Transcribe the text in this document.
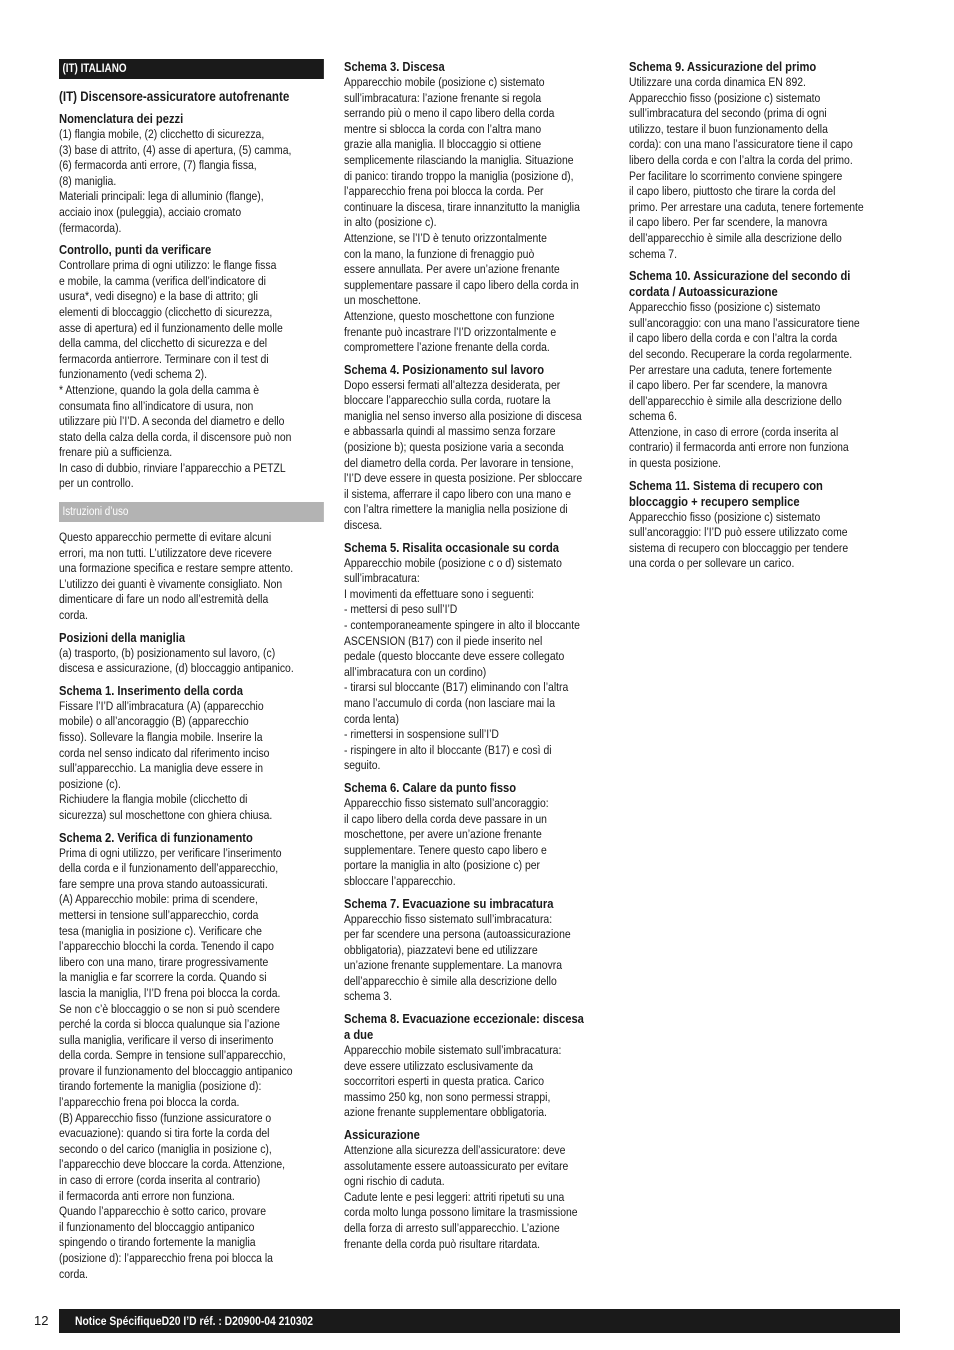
(IT) ITALIANO
(IT) Discensore-assicuratore autofrenante
Nomenclatura dei pezzi

(1) flangia mobile, (2) clicchetto di sicurezza,
(3) base di attrito, (4) asse di apertura, (5) camma,
(6) fermacorda anti errore, (7) flangia fissa,
(8) maniglia.
Materiali principali: lega di alluminio (flange),
acciaio inox (puleggia), acciaio cromato
(fermacorda).

Controllo, punti da verificare

Controllare prima di ogni utilizzo: le flange fissa
e mobile, la camma (verifica dell’indicatore di
usura*, vedi disegno) e la base di attrito; gli
elementi di bloccaggio (clicchetto di sicurezza,
asse di apertura) ed il funzionamento delle molle
della camma, del clicchetto di sicurezza e del
fermacorda antierrore. Terminare con il test di
funzionamento (vedi schema 2).
* Attenzione, quando la gola della camma è
consumata fino all’indicatore di usura, non
utilizzare più l’I’D. A seconda del diametro e dello
stato della calza della corda, il discensore può non
frenare più a sufficienza.
In caso di dubbio, rinviare l’apparecchio a PETZL
per un controllo.

Istruzioni d’uso

Questo apparecchio permette di evitare alcuni
errori, ma non tutti. L’utilizzatore deve ricevere
una formazione specifica e restare sempre attento.
L’utilizzo dei guanti è vivamente consigliato. Non
dimenticare di fare un nodo all’estremità della
corda.

Posizioni della maniglia

(a) trasporto, (b) posizionamento sul lavoro, (c)
discesa e assicurazione, (d) bloccaggio antipanico.

Schema 1. Inserimento della corda

Fissare l’I’D all’imbracatura (A) (apparecchio
mobile) o all’ancoraggio (B) (apparecchio
fisso). Sollevare la flangia mobile. Inserire la
corda nel senso indicato dal riferimento inciso
sull’apparecchio. La maniglia deve essere in
posizione (c).
Richiudere la flangia mobile (clicchetto di
sicurezza) sul moschettone con ghiera chiusa.

Schema 2. Verifica di funzionamento

Prima di ogni utilizzo, per verificare l’inserimento
della corda e il funzionamento dell’apparecchio,
fare sempre una prova stando autoassicurati.
(A) Apparecchio mobile: prima di scendere,
mettersi in tensione sull’apparecchio, corda
tesa (maniglia in posizione c). Verificare che
l’apparecchio blocchi la corda. Tenendo il capo
libero con una mano, tirare progressivamente
la maniglia e far scorrere la corda. Quando si
lascia la maniglia, l’I’D frena poi blocca la corda.
Se non c’è bloccaggio o se non si può scendere
perché la corda si blocca qualunque sia l’azione
sulla maniglia, verificare il verso di inserimento
della corda. Sempre in tensione sull’apparecchio,
provare il funzionamento del bloccaggio antipanico
tirando fortemente la maniglia (posizione d):
l’apparecchio frena poi blocca la corda.
(B) Apparecchio fisso (funzione assicuratore o
evacuazione): quando si tira forte la corda del
secondo o del carico (maniglia in posizione c),
l’apparecchio deve bloccare la corda. Attenzione,
in caso di errore (corda inserita al contrario)
il fermacorda anti errore non funziona.
Quando l’apparecchio è sotto carico, provare
il funzionamento del bloccaggio antipanico
spingendo o tirando fortemente la maniglia
(posizione d): l’apparecchio frena poi blocca la
corda.

Schema 3. Discesa

Apparecchio mobile (posizione c) sistemato
sull’imbracatura: l’azione frenante si regola
serrando più o meno il capo libero della corda
mentre si sblocca la corda con l’altra mano
grazie alla maniglia. Il bloccaggio si ottiene
semplicemente rilasciando la maniglia. Situazione
di panico: tirando troppo la maniglia (posizione d),
l’apparecchio frena poi blocca la corda. Per
continuare la discesa, tirare innanzitutto la maniglia
in alto (posizione c).
Attenzione, se l’I’D è tenuto orizzontalmente
con la mano, la funzione di frenaggio può
essere annullata. Per avere un’azione frenante
supplementare passare il capo libero della corda in
un moschettone.
Attenzione, questo moschettone con funzione
frenante può incastrare l’I’D orizzontalmente e
compromettere l’azione frenante della corda.

Schema 4. Posizionamento sul lavoro

Dopo essersi fermati all’altezza desiderata, per
bloccare l’apparecchio sulla corda, ruotare la
maniglia nel senso inverso alla posizione di discesa
e abbassarla quindi al massimo senza forzare
(posizione b); questa posizione varia a seconda
del diametro della corda. Per lavorare in tensione,
l’I’D deve essere in questa posizione. Per sbloccare
il sistema, afferrare il capo libero con una mano e
con l’altra rimettere la maniglia nella posizione di
discesa.

Schema 5. Risalita occasionale su corda

Apparecchio mobile (posizione c o d) sistemato
sull’imbracatura:
I movimenti da effettuare sono i seguenti:
- mettersi di peso sull’I’D
- contemporaneamente spingere in alto il bloccante
ASCENSION (B17) con il piede inserito nel
pedale (questo bloccante deve essere collegato
all’imbracatura con un cordino)
- tirarsi sul bloccante (B17) eliminando con l’altra
mano l’accumulo di corda (non lasciare mai la
corda lenta)
- rimettersi in sospensione sull’I’D
- rispingere in alto il bloccante (B17) e così di
seguito.

Schema 6. Calare da punto fisso

Apparecchio fisso sistemato sull’ancoraggio:
il capo libero della corda deve passare in un
moschettone, per avere un’azione frenante
supplementare. Tenere questo capo libero e
portare la maniglia in alto (posizione c) per
sbloccare l’apparecchio.

Schema 7. Evacuazione su imbracatura

Apparecchio fisso sistemato sull’imbracatura:
per far scendere una persona (autoassicurazione
obbligatoria), piazzatevi bene ed utilizzare
un’azione frenante supplementare. La manovra
dell’apparecchio è simile alla descrizione dello
schema 3.

Schema 8. Evacuazione eccezionale: discesa
a due

Apparecchio mobile sistemato sull’imbracatura:
deve essere utilizzato esclusivamente da
soccorritori esperti in questa pratica. Carico
massimo 250 kg, non sono permessi strappi,
azione frenante supplementare obbligatoria.

Assicurazione

Attenzione alla sicurezza dell’assicuratore: deve
assolutamente essere autoassicurato per evitare
ogni rischio di caduta.
Cadute lente e pesi leggeri: attriti ripetuti su una
corda molto lunga possono limitare la trasmissione
della forza di arresto sull’apparecchio. L’azione
frenante della corda può risultare ritardata.

Schema 9. Assicurazione del primo

Utilizzare una corda dinamica EN 892.
Apparecchio fisso (posizione c) sistemato
sull’imbracatura del secondo (prima di ogni
utilizzo, testare il buon funzionamento della
corda): con una mano l’assicuratore tiene il capo
libero della corda e con l’altra la corda del primo.
Per facilitare lo scorrimento conviene spingere
il capo libero, piuttosto che tirare la corda del
primo. Per arrestare una caduta, tenere fortemente
il capo libero. Per far scendere, la manovra
dell’apparecchio è simile alla descrizione dello
schema 7.

Schema 10. Assicurazione del secondo di
cordata / Autoassicurazione

Apparecchio fisso (posizione c) sistemato
sull’ancoraggio: con una mano l’assicuratore tiene
il capo libero della corda e con l’altra la corda
del secondo. Recuperare la corda regolarmente.
Per arrestare una caduta, tenere fortemente
il capo libero. Per far scendere, la manovra
dell’apparecchio è simile alla descrizione dello
schema 6.
Attenzione, in caso di errore (corda inserita al
contrario) il fermacorda anti errore non funziona
in questa posizione.

Schema 11. Sistema di recupero con
bloccaggio + recupero semplice

Apparecchio fisso (posizione c) sistemato
sull’ancoraggio: l’I’D può essere utilizzato come
sistema di recupero con bloccaggio per tendere
una corda o per sollevare un carico.

12 Notice SpécifiqueD20 I’D réf. : D20900-04 210302
